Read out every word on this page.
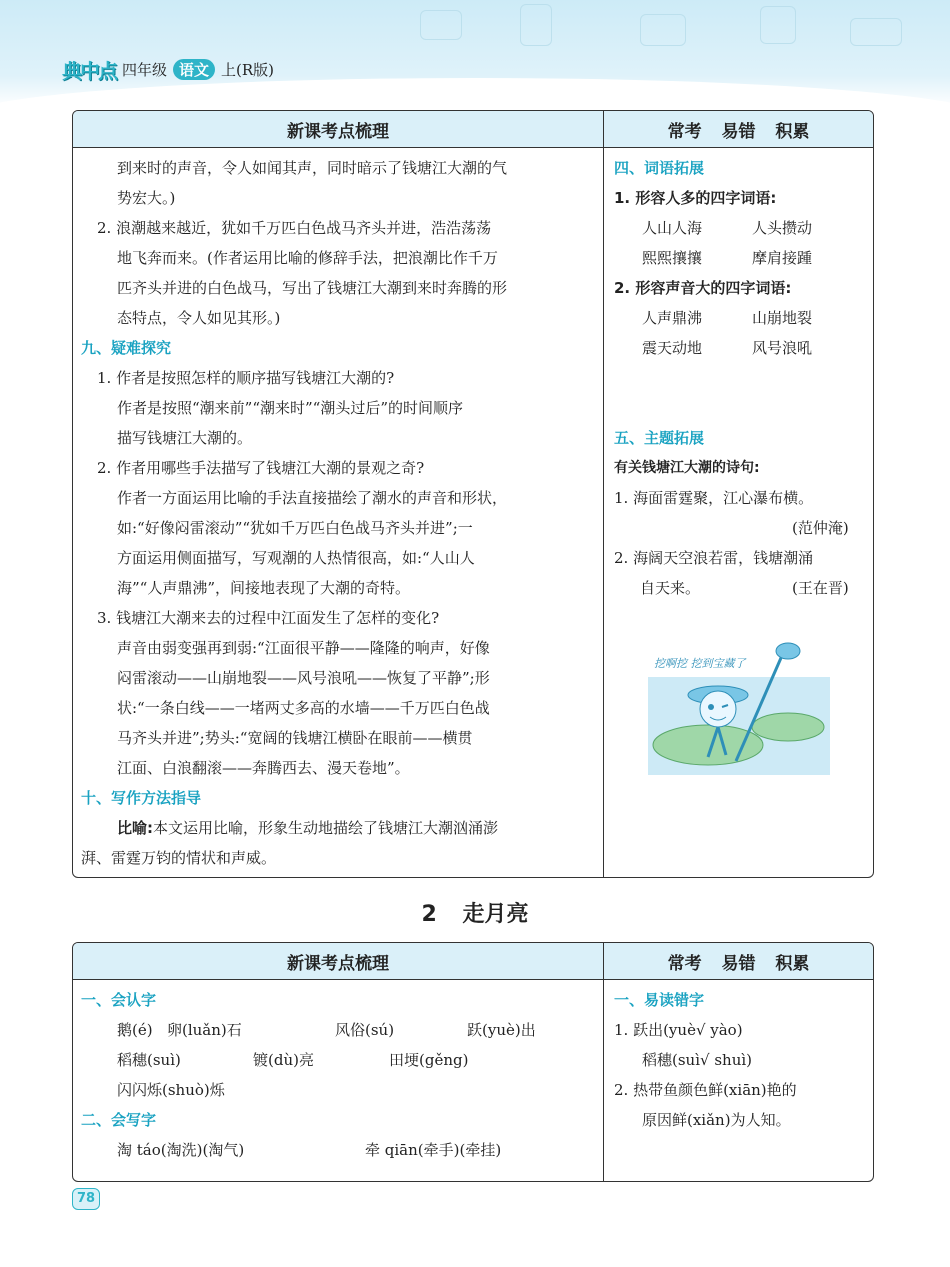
典中点 四年级 语文 上(R版)
新课考点梳理	常考 易错 积累
到来时的声音，令人如闻其声，同时暗示了钱塘江大潮的气
势宏大。)
2. 浪潮越来越近，犹如千万匹白色战马齐头并进，浩浩荡荡
地飞奔而来。(作者运用比喻的修辞手法，把浪潮比作千万
匹齐头并进的白色战马，写出了钱塘江大潮到来时奔腾的形
态特点，令人如见其形。)
九、疑难探究
1. 作者是按照怎样的顺序描写钱塘江大潮的?
作者是按照“潮来前”“潮来时”“潮头过后”的时间顺序
描写钱塘江大潮的。
2. 作者用哪些手法描写了钱塘江大潮的景观之奇?
作者一方面运用比喻的手法直接描绘了潮水的声音和形状，
如:“好像闷雷滚动”“犹如千万匹白色战马齐头并进”;一
方面运用侧面描写，写观潮的人热情很高，如:“人山人
海”“人声鼎沸”，间接地表现了大潮的奇特。
3. 钱塘江大潮来去的过程中江面发生了怎样的变化?
声音由弱变强再到弱:“江面很平静——隆隆的响声，好像
闷雷滚动——山崩地裂——风号浪吼——恢复了平静”;形
状:“一条白线——一堵两丈多高的水墙——千万匹白色战
马齐头并进”;势头:“宽阔的钱塘江横卧在眼前——横贯
江面、白浪翻滚——奔腾西去、漫天卷地”。
十、写作方法指导
比喻:本文运用比喻，形象生动地描绘了钱塘江大潮汹涌澎
湃、雷霆万钧的情状和声威。
四、词语拓展
1. 形容人多的四字词语:
人山人海	人头攒动
熙熙攘攘	摩肩接踵
2. 形容声音大的四字词语:
人声鼎沸	山崩地裂
震天动地	风号浪吼
五、主题拓展
有关钱塘江大潮的诗句:
1. 海面雷霆聚，江心瀑布横。
(范仲淹)
2. 海阔天空浪若雷，钱塘潮涌
自天来。	(王在晋)
挖啊挖 挖到宝藏了
2 走月亮
新课考点梳理	常考 易错 积累
一、会认字
鹅(é) 卵(luǎn)石	风俗(sú)	跃(yuè)出
稻穗(suì)	镀(dù)亮	田埂(gěng)
闪闪烁(shuò)烁
二、会写字
淘 táo(淘洗)(淘气)	牵 qiān(牵手)(牵挂)
一、易读错字
1. 跃出(yuè√ yào)
稻穗(suì√ shuì)
2. 热带鱼颜色鲜(xiān)艳的
原因鲜(xiǎn)为人知。
78
